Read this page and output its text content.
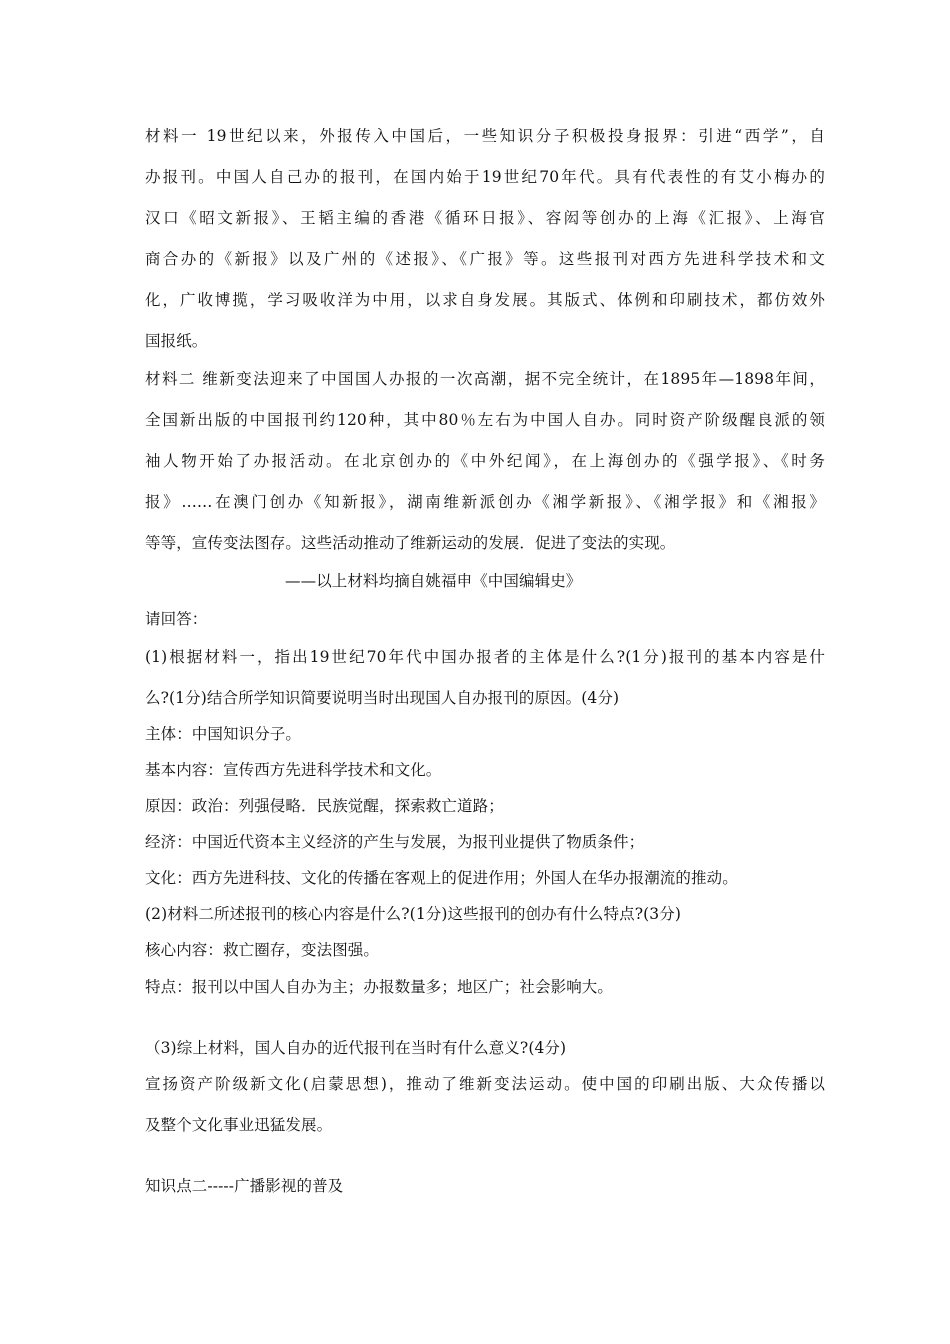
材料一 19世纪以来，外报传入中国后，一些知识分子积极投身报界：引进“西学”，自
办报刊。中国人自己办的报刊，在国内始于19世纪70年代。具有代表性的有艾小梅办的
汉口《昭文新报》、王韬主编的香港《循环日报》、容闳等创办的上海《汇报》、上海官
商合办的《新报》以及广州的《述报》、《广报》等。这些报刊对西方先进科学技术和文
化，广收博揽，学习吸收洋为中用，以求自身发展。其版式、体例和印刷技术，都仿效外
国报纸。
材料二 维新变法迎来了中国国人办报的一次高潮，据不完全统计，在1895年—1898年间，
全国新出版的中国报刊约120种，其中80％左右为中国人自办。同时资产阶级醒良派的领
袖人物开始了办报活动。在北京创办的《中外纪闻》，在上海创办的《强学报》、《时务
报》……在澳门创办《知新报》，湖南维新派创办《湘学新报》、《湘学报》和《湘报》
等等，宣传变法图存。这些活动推动了维新运动的发展．促进了变法的实现。
——以上材料均摘自姚福申《中国编辑史》
请回答：
(1)根据材料一，指出19世纪70年代中国办报者的主体是什么?(1分)报刊的基本内容是什
么?(1分)结合所学知识简要说明当时出现国人自办报刊的原因。(4分)
主体：中国知识分子。
基本内容：宣传西方先进科学技术和文化。
原因：政治：列强侵略．民族觉醒，探索救亡道路；
经济：中国近代资本主义经济的产生与发展，为报刊业提供了物质条件；
文化：西方先进科技、文化的传播在客观上的促进作用；外国人在华办报潮流的推动。
(2)材料二所述报刊的核心内容是什么?(1分)这些报刊的创办有什么特点?(3分)
核心内容：救亡圈存，变法图强。
特点：报刊以中国人自办为主；办报数量多；地区广；社会影响大。
（3)综上材料，国人自办的近代报刊在当时有什么意义?(4分)
宣扬资产阶级新文化(启蒙思想)，推动了维新变法运动。使中国的印刷出版、大众传播以
及整个文化事业迅猛发展。
知识点二-----广播影视的普及
